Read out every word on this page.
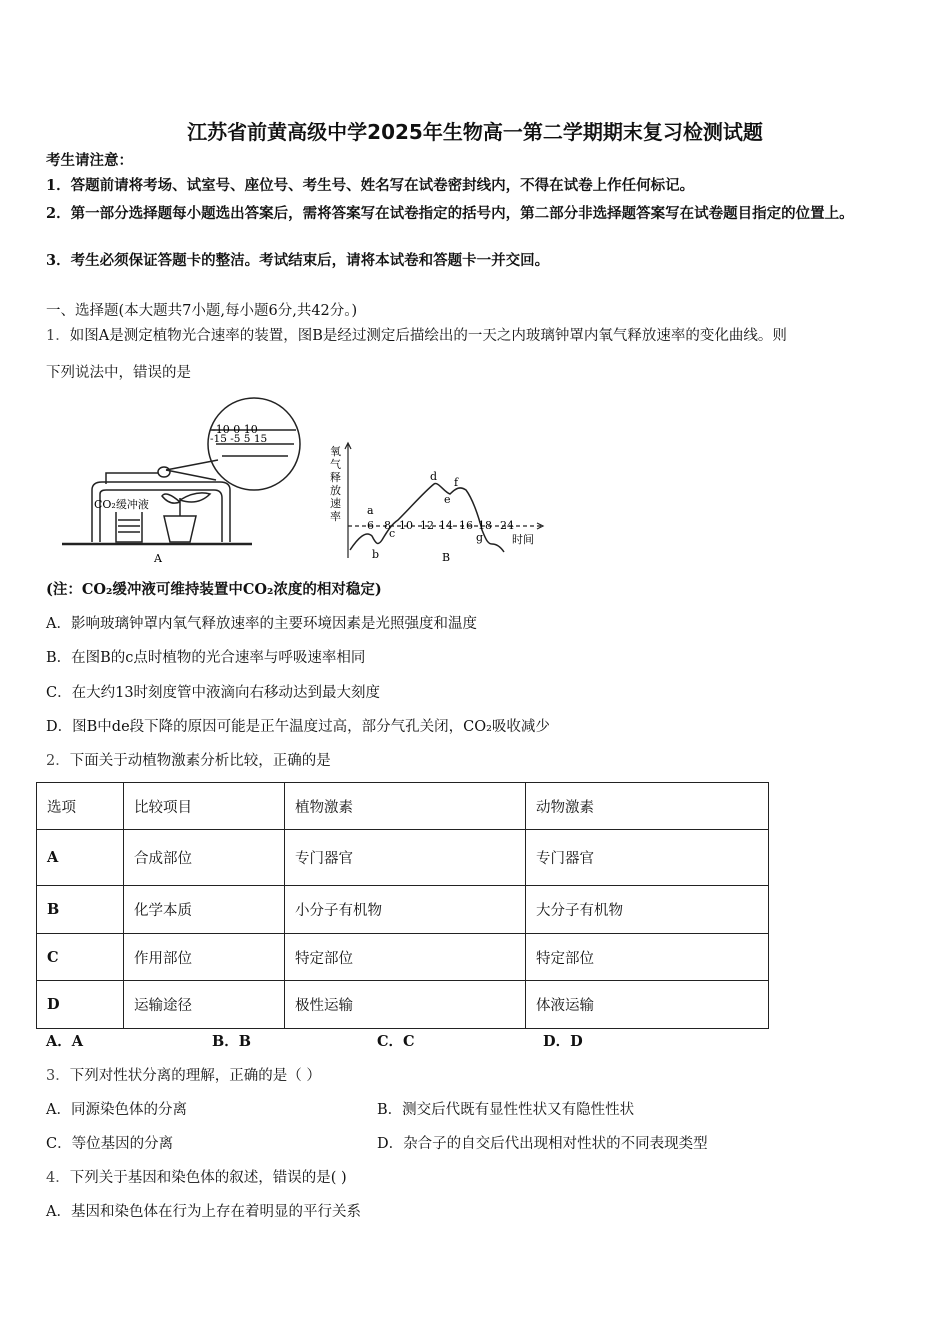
江苏省前黄高级中学2025年生物高一第二学期期末复习检测试题
考生请注意：
1．答题前请将考场、试室号、座位号、考生号、姓名写在试卷密封线内，不得在试卷上作任何标记。
2．第一部分选择题每小题选出答案后，需将答案写在试卷指定的括号内，第二部分非选择题答案写在试卷题目指定的位置上。
3．考生必须保证答题卡的整洁。考试结束后，请将本试卷和答题卡一并交回。
一、选择题(本大题共7小题,每小题6分,共42分。)
1．如图A是测定植物光合速率的装置，图B是经过测定后描绘出的一天之内玻璃钟罩内氧气释放速率的变化曲线。则
下列说法中，错误的是
-10 0 10
-15 -5 5 15
CO₂缓冲液
A
氧
气
释
放
速
率
6 8 10 12 14 16 18 24
时间
a
b
c
d
e
f
g
B
(注：CO₂缓冲液可维持装置中CO₂浓度的相对稳定)
A．影响玻璃钟罩内氧气释放速率的主要环境因素是光照强度和温度
B．在图B的c点时植物的光合速率与呼吸速率相同
C．在大约13时刻度管中液滴向右移动达到最大刻度
D．图B中de段下降的原因可能是正午温度过高，部分气孔关闭，CO₂吸收减少
2．下面关于动植物激素分析比较，正确的是
选项	比较项目	植物激素	动物激素
A	合成部位	专门器官	专门器官
B	化学本质	小分子有机物	大分子有机物
C	作用部位	特定部位	特定部位
D	运输途径	极性运输	体液运输
A．A	B．B	C．C	D．D
3．下列对性状分离的理解，正确的是（ ）
A．同源染色体的分离	B．测交后代既有显性性状又有隐性性状
C．等位基因的分离	D．杂合子的自交后代出现相对性状的不同表现类型
4．下列关于基因和染色体的叙述，错误的是( )
A．基因和染色体在行为上存在着明显的平行关系
